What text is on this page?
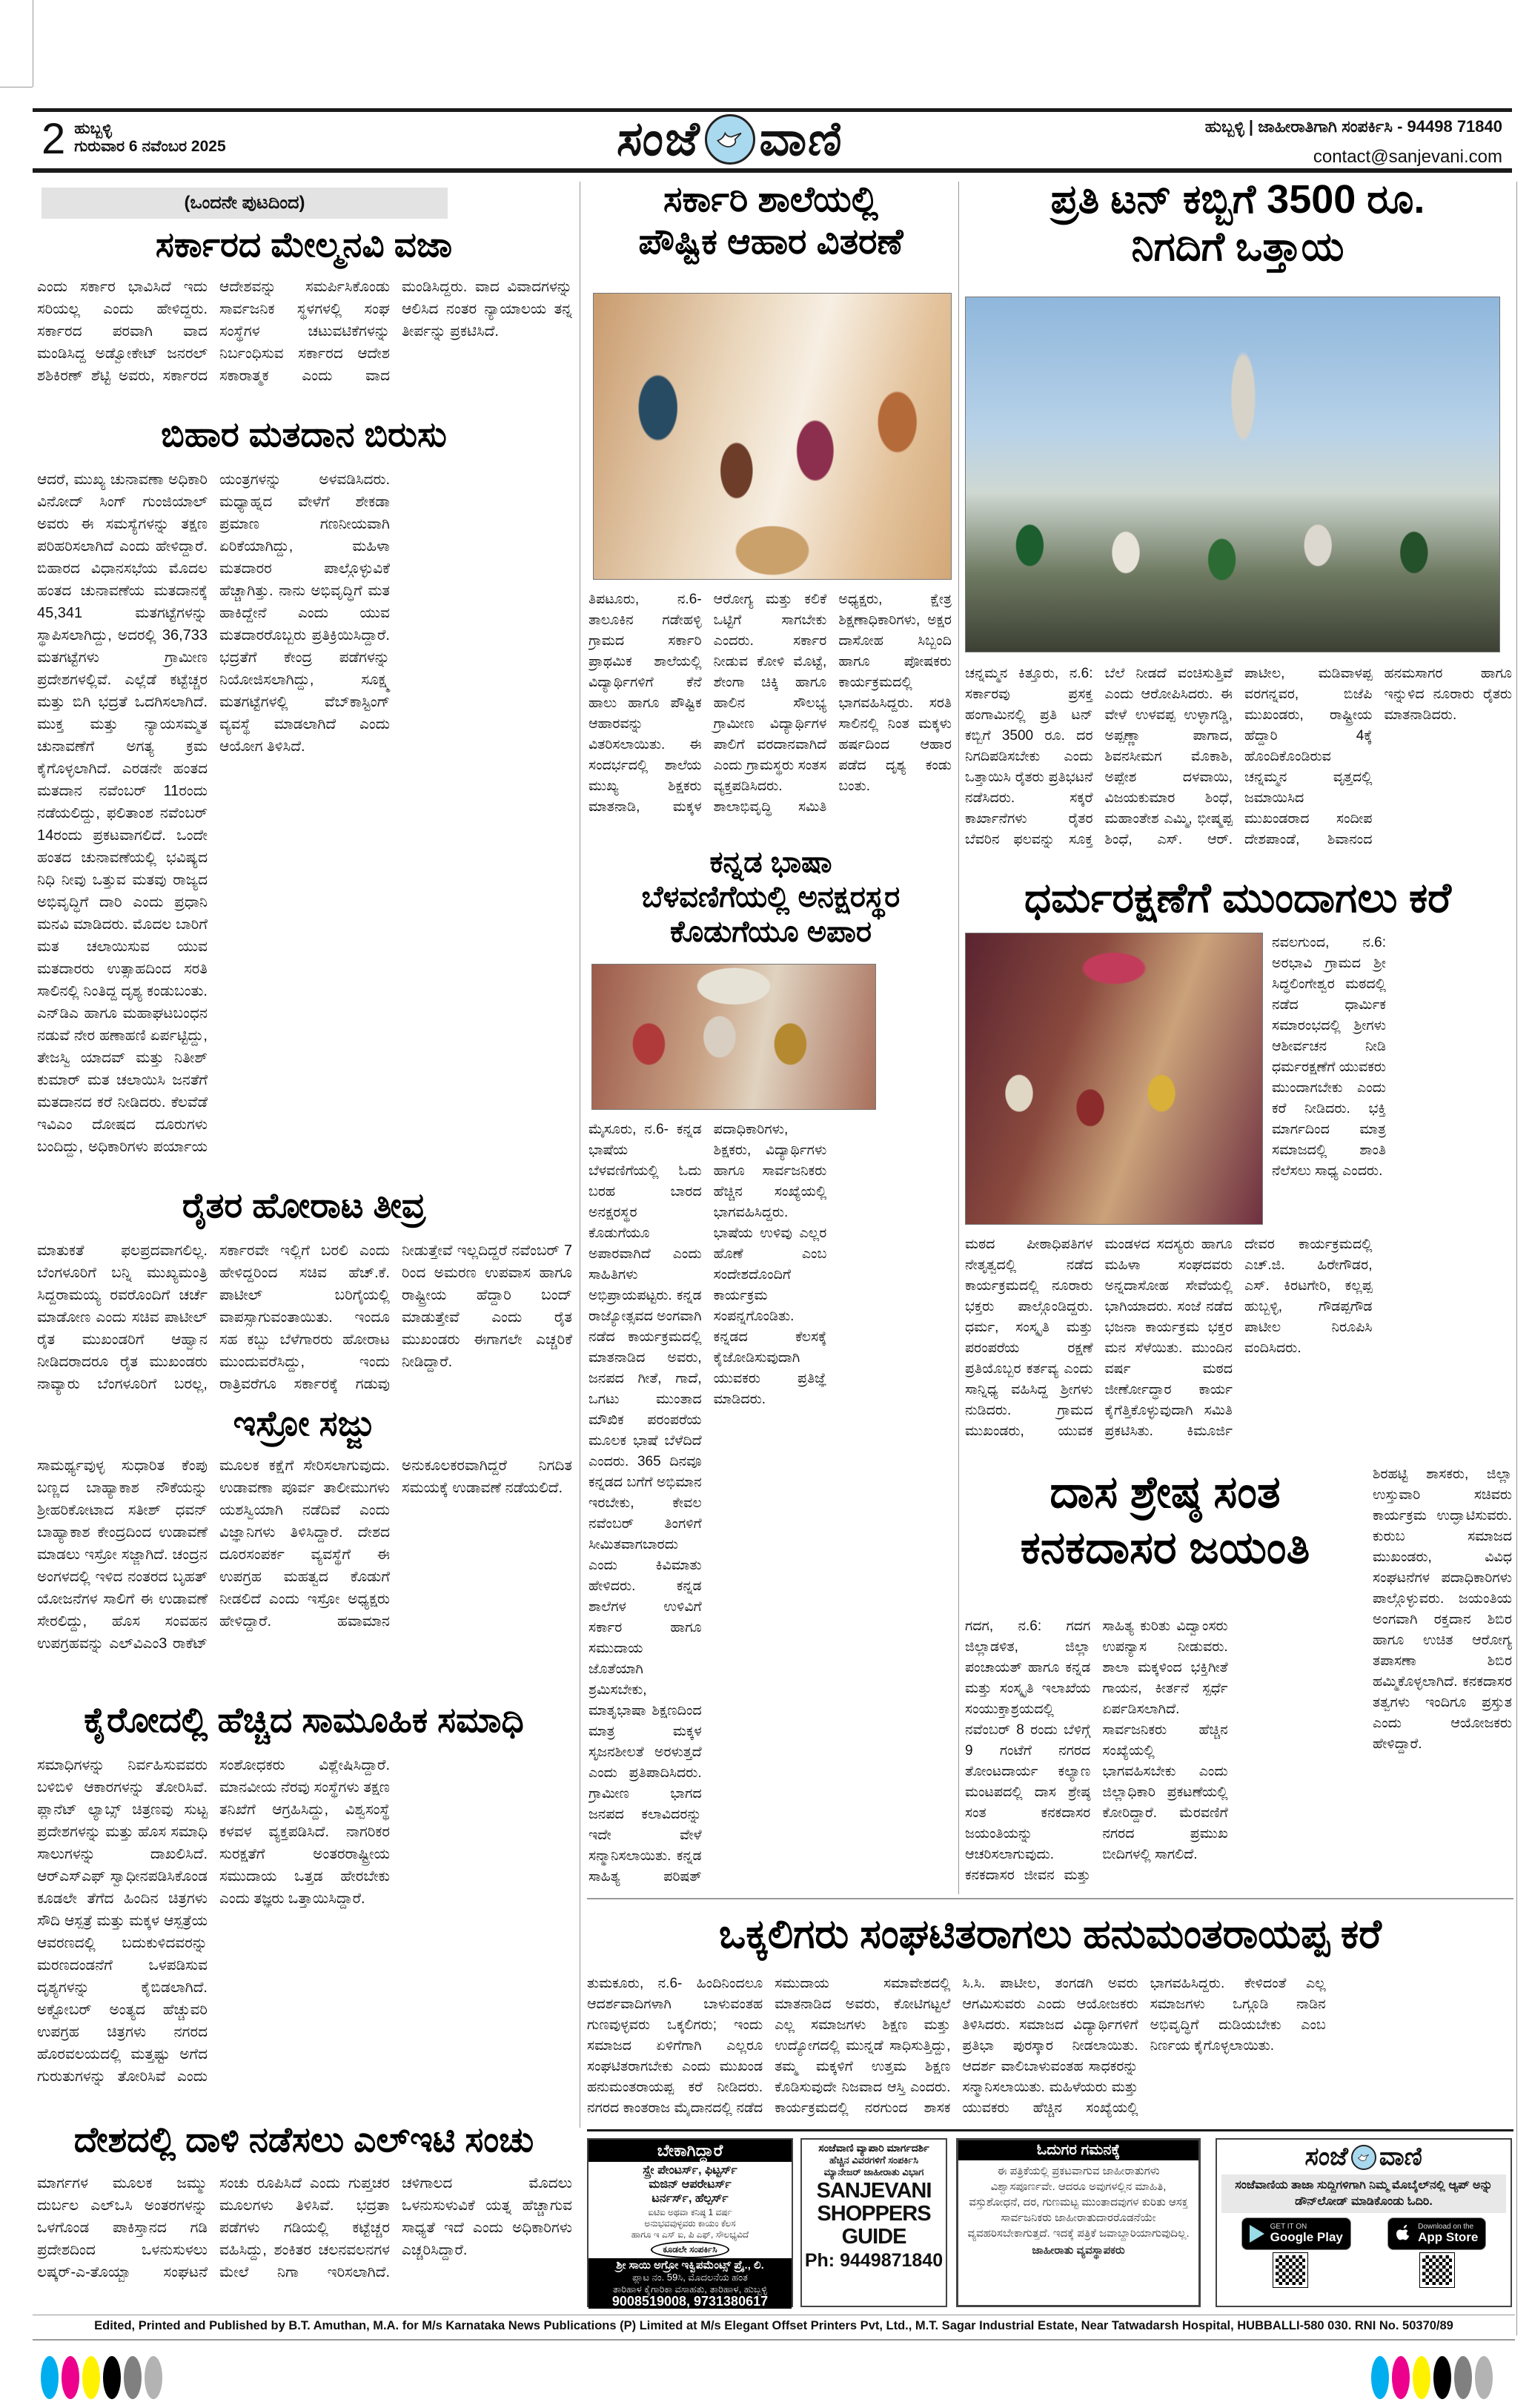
2 ಹುಬ್ಬಳ್ಳಿ
ಗುರುವಾರ 6 ನವೆಂಬರ 2025	ಸಂಜೆ ವಾಣಿ	ಹುಬ್ಬಳ್ಳಿ | ಜಾಹೀರಾತಿಗಾಗಿ ಸಂಪರ್ಕಿಸಿ - 94498 71840
contact@sanjevani.com
(ಒಂದನೇ ಪುಟದಿಂದ)
ಸರ್ಕಾರದ ಮೇಲ್ಮನವಿ ವಜಾ
ಎಂದು ಸರ್ಕಾರ ಭಾವಿಸಿದೆ ಇದು ಸರಿಯಲ್ಲ ಎಂದು ಹೇಳಿದ್ದರು. ಸರ್ಕಾರದ ಪರವಾಗಿ ವಾದ ಮಂಡಿಸಿದ್ದ ಅಡ್ವೋಕೇಟ್ ಜನರಲ್ ಶಶಿಕಿರಣ್ ಶೆಟ್ಟಿ ಅವರು, ಸರ್ಕಾರದ ಆದೇಶವನ್ನು ಸಮರ್ಪಿಸಿಕೊಂಡು ಸಾರ್ವಜನಿಕ ಸ್ಥಳಗಳಲ್ಲಿ ಸಂಘ ಸಂಸ್ಥೆಗಳ ಚಟುವಟಿಕೆಗಳನ್ನು ನಿರ್ಬಂಧಿಸುವ ಸರ್ಕಾರದ ಆದೇಶ ಸಕಾರಾತ್ಮಕ ಎಂದು ವಾದ ಮಂಡಿಸಿದ್ದರು. ವಾದ ವಿವಾದಗಳನ್ನು ಆಲಿಸಿದ ನಂತರ ನ್ಯಾಯಾಲಯ ತನ್ನ ತೀರ್ಪನ್ನು ಪ್ರಕಟಿಸಿದೆ.
ಬಿಹಾರ ಮತದಾನ ಬಿರುಸು
ಆದರೆ, ಮುಖ್ಯ ಚುನಾವಣಾ ಅಧಿಕಾರಿ ವಿನೋದ್ ಸಿಂಗ್ ಗುಂಜಿಯಾಲ್ ಅವರು ಈ ಸಮಸ್ಯೆಗಳನ್ನು ತಕ್ಷಣ ಪರಿಹರಿಸಲಾಗಿದೆ ಎಂದು ಹೇಳಿದ್ದಾರೆ. ಬಿಹಾರದ ವಿಧಾನಸಭೆಯ ಮೊದಲ ಹಂತದ ಚುನಾವಣೆಯ ಮತದಾನಕ್ಕೆ 45,341 ಮತಗಟ್ಟೆಗಳನ್ನು ಸ್ಥಾಪಿಸಲಾಗಿದ್ದು, ಅದರಲ್ಲಿ 36,733 ಮತಗಟ್ಟೆಗಳು ಗ್ರಾಮೀಣ ಪ್ರದೇಶಗಳಲ್ಲಿವೆ. ಎಲ್ಲೆಡೆ ಕಟ್ಟೆಚ್ಚರ ಮತ್ತು ಬಿಗಿ ಭದ್ರತೆ ಒದಗಿಸಲಾಗಿದೆ. ಮುಕ್ತ ಮತ್ತು ನ್ಯಾಯಸಮ್ಮತ ಚುನಾವಣೆಗೆ ಅಗತ್ಯ ಕ್ರಮ ಕೈಗೊಳ್ಳಲಾಗಿದೆ. ಎರಡನೇ ಹಂತದ ಮತದಾನ ನವೆಂಬರ್ 11ರಂದು ನಡೆಯಲಿದ್ದು, ಫಲಿತಾಂಶ ನವೆಂಬರ್ 14ರಂದು ಪ್ರಕಟವಾಗಲಿದೆ. ಒಂದೇ ಹಂತದ ಚುನಾವಣೆಯಲ್ಲಿ ಭವಿಷ್ಯದ ನಿಧಿ ನೀವು ಒತ್ತುವ ಮತವು ರಾಜ್ಯದ ಅಭಿವೃದ್ಧಿಗೆ ದಾರಿ ಎಂದು ಪ್ರಧಾನಿ ಮನವಿ ಮಾಡಿದರು. ಮೊದಲ ಬಾರಿಗೆ ಮತ ಚಲಾಯಿಸುವ ಯುವ ಮತದಾರರು ಉತ್ಸಾಹದಿಂದ ಸರತಿ ಸಾಲಿನಲ್ಲಿ ನಿಂತಿದ್ದ ದೃಶ್ಯ ಕಂಡುಬಂತು. ಎನ್‌ಡಿಎ ಹಾಗೂ ಮಹಾಘಟಬಂಧನ ನಡುವೆ ನೇರ ಹಣಾಹಣಿ ಏರ್ಪಟ್ಟಿದ್ದು, ತೇಜಸ್ವಿ ಯಾದವ್ ಮತ್ತು ನಿತೀಶ್ ಕುಮಾರ್ ಮತ ಚಲಾಯಿಸಿ ಜನತೆಗೆ ಮತದಾನದ ಕರೆ ನೀಡಿದರು. ಕೆಲವೆಡೆ ಇವಿಎಂ ದೋಷದ ದೂರುಗಳು ಬಂದಿದ್ದು, ಅಧಿಕಾರಿಗಳು ಪರ್ಯಾಯ ಯಂತ್ರಗಳನ್ನು ಅಳವಡಿಸಿದರು. ಮಧ್ಯಾಹ್ನದ ವೇಳೆಗೆ ಶೇಕಡಾ ಪ್ರಮಾಣ ಗಣನೀಯವಾಗಿ ಏರಿಕೆಯಾಗಿದ್ದು, ಮಹಿಳಾ ಮತದಾರರ ಪಾಲ್ಗೊಳ್ಳುವಿಕೆ ಹೆಚ್ಚಾಗಿತ್ತು. ನಾನು ಅಭಿವೃದ್ಧಿಗೆ ಮತ ಹಾಕಿದ್ದೇನೆ ಎಂದು ಯುವ ಮತದಾರರೊಬ್ಬರು ಪ್ರತಿಕ್ರಿಯಿಸಿದ್ದಾರೆ. ಭದ್ರತೆಗೆ ಕೇಂದ್ರ ಪಡೆಗಳನ್ನು ನಿಯೋಜಿಸಲಾಗಿದ್ದು, ಸೂಕ್ಷ್ಮ ಮತಗಟ್ಟೆಗಳಲ್ಲಿ ವೆಬ್‌ಕಾಸ್ಟಿಂಗ್ ವ್ಯವಸ್ಥೆ ಮಾಡಲಾಗಿದೆ ಎಂದು ಆಯೋಗ ತಿಳಿಸಿದೆ.
ರೈತರ ಹೋರಾಟ ತೀವ್ರ
ಮಾತುಕತೆ ಫಲಪ್ರದವಾಗಲಿಲ್ಲ. ಬೆಂಗಳೂರಿಗೆ ಬನ್ನಿ ಮುಖ್ಯಮಂತ್ರಿ ಸಿದ್ದರಾಮಯ್ಯ ರವರೊಂದಿಗೆ ಚರ್ಚೆ ಮಾಡೋಣ ಎಂದು ಸಚಿವ ಪಾಟೀಲ್ ರೈತ ಮುಖಂಡರಿಗೆ ಆಹ್ವಾನ ನೀಡಿದರಾದರೂ ರೈತ ಮುಖಂಡರು ನಾವ್ಯಾರು ಬೆಂಗಳೂರಿಗೆ ಬರಲ್ಲ, ಸರ್ಕಾರವೇ ಇಲ್ಲಿಗೆ ಬರಲಿ ಎಂದು ಹೇಳಿದ್ದರಿಂದ ಸಚಿವ ಹೆಚ್.ಕೆ. ಪಾಟೀಲ್ ಬರಿಗೈಯಲ್ಲಿ ವಾಪಸ್ಸಾಗುವಂತಾಯಿತು. ಇಂದೂ ಸಹ ಕಬ್ಬು ಬೆಳೆಗಾರರು ಹೋರಾಟ ಮುಂದುವರೆಸಿದ್ದು, ಇಂದು ರಾತ್ರಿವರೆಗೂ ಸರ್ಕಾರಕ್ಕೆ ಗಡುವು ನೀಡುತ್ತೇವೆ ಇಲ್ಲದಿದ್ದರೆ ನವೆಂಬರ್ 7 ರಿಂದ ಅಮರಣ ಉಪವಾಸ ಹಾಗೂ ರಾಷ್ಟ್ರೀಯ ಹೆದ್ದಾರಿ ಬಂದ್ ಮಾಡುತ್ತೇವೆ ಎಂದು ರೈತ ಮುಖಂಡರು ಈಗಾಗಲೇ ಎಚ್ಚರಿಕೆ ನೀಡಿದ್ದಾರೆ.
ಇಸ್ರೋ ಸಜ್ಜು
ಸಾಮರ್ಥ್ಯವುಳ್ಳ ಸುಧಾರಿತ ಕೆಂಪು ಬಣ್ಣದ ಬಾಹ್ಯಾಕಾಶ ನೌಕೆಯನ್ನು ಶ್ರೀಹರಿಕೋಟಾದ ಸತೀಶ್ ಧವನ್ ಬಾಹ್ಯಾಕಾಶ ಕೇಂದ್ರದಿಂದ ಉಡಾವಣೆ ಮಾಡಲು ಇಸ್ರೋ ಸಜ್ಜಾಗಿದೆ. ಚಂದ್ರನ ಅಂಗಳದಲ್ಲಿ ಇಳಿದ ನಂತರದ ಬೃಹತ್ ಯೋಜನೆಗಳ ಸಾಲಿಗೆ ಈ ಉಡಾವಣೆ ಸೇರಲಿದ್ದು, ಹೊಸ ಸಂವಹನ ಉಪಗ್ರಹವನ್ನು ಎಲ್‌ವಿಎಂ3 ರಾಕೆಟ್ ಮೂಲಕ ಕಕ್ಷೆಗೆ ಸೇರಿಸಲಾಗುವುದು. ಉಡಾವಣಾ ಪೂರ್ವ ತಾಲೀಮುಗಳು ಯಶಸ್ವಿಯಾಗಿ ನಡೆದಿವೆ ಎಂದು ವಿಜ್ಞಾನಿಗಳು ತಿಳಿಸಿದ್ದಾರೆ. ದೇಶದ ದೂರಸಂಪರ್ಕ ವ್ಯವಸ್ಥೆಗೆ ಈ ಉಪಗ್ರಹ ಮಹತ್ವದ ಕೊಡುಗೆ ನೀಡಲಿದೆ ಎಂದು ಇಸ್ರೋ ಅಧ್ಯಕ್ಷರು ಹೇಳಿದ್ದಾರೆ. ಹವಾಮಾನ ಅನುಕೂಲಕರವಾಗಿದ್ದರೆ ನಿಗದಿತ ಸಮಯಕ್ಕೆ ಉಡಾವಣೆ ನಡೆಯಲಿದೆ.
ಕೈರೋದಲ್ಲಿ ಹೆಚ್ಚಿದ ಸಾಮೂಹಿಕ ಸಮಾಧಿ
ಸಮಾಧಿಗಳನ್ನು ನಿರ್ವಹಿಸುವವರು ಬಳಿಬಿಳಿ ಆಕಾರಗಳನ್ನು ತೋರಿಸಿವೆ. ಪ್ಲಾನೆಟ್ ಲ್ಯಾಬ್ಸ್ ಚಿತ್ರಣವು ಸುಟ್ಟ ಪ್ರದೇಶಗಳನ್ನು ಮತ್ತು ಹೊಸ ಸಮಾಧಿ ಸಾಲುಗಳನ್ನು ದಾಖಲಿಸಿದೆ. ಆರ್‌ಎಸ್‌ಎಫ್ ಸ್ವಾಧೀನಪಡಿಸಿಕೊಂಡ ಕೂಡಲೇ ತೆಗೆದ ಹಿಂದಿನ ಚಿತ್ರಗಳು ಸೌದಿ ಆಸ್ಪತ್ರೆ ಮತ್ತು ಮಕ್ಕಳ ಆಸ್ಪತ್ರೆಯ ಆವರಣದಲ್ಲಿ ಬದುಕುಳಿದವರನ್ನು ಮರಣದಂಡನೆಗೆ ಒಳಪಡಿಸುವ ದೃಶ್ಯಗಳನ್ನು ಕೈಬಿಡಲಾಗಿದೆ. ಅಕ್ಟೋಬರ್ ಅಂತ್ಯದ ಹೆಚ್ಚುವರಿ ಉಪಗ್ರಹ ಚಿತ್ರಗಳು ನಗರದ ಹೊರವಲಯದಲ್ಲಿ ಮತ್ತಷ್ಟು ಅಗೆದ ಗುರುತುಗಳನ್ನು ತೋರಿಸಿವೆ ಎಂದು ಸಂಶೋಧಕರು ವಿಶ್ಲೇಷಿಸಿದ್ದಾರೆ. ಮಾನವೀಯ ನೆರವು ಸಂಸ್ಥೆಗಳು ತಕ್ಷಣ ತನಿಖೆಗೆ ಆಗ್ರಹಿಸಿದ್ದು, ವಿಶ್ವಸಂಸ್ಥೆ ಕಳವಳ ವ್ಯಕ್ತಪಡಿಸಿದೆ. ನಾಗರಿಕರ ಸುರಕ್ಷತೆಗೆ ಅಂತರರಾಷ್ಟ್ರೀಯ ಸಮುದಾಯ ಒತ್ತಡ ಹೇರಬೇಕು ಎಂದು ತಜ್ಞರು ಒತ್ತಾಯಿಸಿದ್ದಾರೆ.
ದೇಶದಲ್ಲಿ ದಾಳಿ ನಡೆಸಲು ಎಲ್‌ಇಟಿ ಸಂಚು
ಮಾರ್ಗಗಳ ಮೂಲಕ ಜಮ್ಮು ದುರ್ಬಲ ಎಲ್‌ಒಸಿ ಅಂತರಗಳನ್ನು ಒಳಗೊಂಡ ಪಾಕಿಸ್ತಾನದ ಗಡಿ ಪ್ರದೇಶದಿಂದ ಒಳನುಸುಳಲು ಲಷ್ಕರ್-ಎ-ತೊಯ್ಬಾ ಸಂಘಟನೆ ಸಂಚು ರೂಪಿಸಿದೆ ಎಂದು ಗುಪ್ತಚರ ಮೂಲಗಳು ತಿಳಿಸಿವೆ. ಭದ್ರತಾ ಪಡೆಗಳು ಗಡಿಯಲ್ಲಿ ಕಟ್ಟೆಚ್ಚರ ವಹಿಸಿದ್ದು, ಶಂಕಿತರ ಚಲನವಲನಗಳ ಮೇಲೆ ನಿಗಾ ಇರಿಸಲಾಗಿದೆ. ಚಳಿಗಾಲದ ಮೊದಲು ಒಳನುಸುಳುವಿಕೆ ಯತ್ನ ಹೆಚ್ಚಾಗುವ ಸಾಧ್ಯತೆ ಇದೆ ಎಂದು ಅಧಿಕಾರಿಗಳು ಎಚ್ಚರಿಸಿದ್ದಾರೆ.
ಸರ್ಕಾರಿ ಶಾಲೆಯಲ್ಲಿ
ಪೌಷ್ಟಿಕ ಆಹಾರ ವಿತರಣೆ
ತಿಪಟೂರು, ನ.6- ತಾಲೂಕಿನ ಗಡೇಹಳ್ಳಿ ಗ್ರಾಮದ ಸರ್ಕಾರಿ ಪ್ರಾಥಮಿಕ ಶಾಲೆಯಲ್ಲಿ ವಿದ್ಯಾರ್ಥಿಗಳಿಗೆ ಕೆನೆ ಹಾಲು ಹಾಗೂ ಪೌಷ್ಟಿಕ ಆಹಾರವನ್ನು ವಿತರಿಸಲಾಯಿತು. ಈ ಸಂದರ್ಭದಲ್ಲಿ ಶಾಲೆಯ ಮುಖ್ಯ ಶಿಕ್ಷಕರು ಮಾತನಾಡಿ, ಮಕ್ಕಳ ಆರೋಗ್ಯ ಮತ್ತು ಕಲಿಕೆ ಒಟ್ಟಿಗೆ ಸಾಗಬೇಕು ಎಂದರು. ಸರ್ಕಾರ ನೀಡುವ ಕೋಳಿ ಮೊಟ್ಟೆ, ಶೇಂಗಾ ಚಿಕ್ಕಿ ಹಾಗೂ ಹಾಲಿನ ಸೌಲಭ್ಯ ಗ್ರಾಮೀಣ ವಿದ್ಯಾರ್ಥಿಗಳ ಪಾಲಿಗೆ ವರದಾನವಾಗಿದೆ ಎಂದು ಗ್ರಾಮಸ್ಥರು ಸಂತಸ ವ್ಯಕ್ತಪಡಿಸಿದರು. ಶಾಲಾಭಿವೃದ್ಧಿ ಸಮಿತಿ ಅಧ್ಯಕ್ಷರು, ಕ್ಷೇತ್ರ ಶಿಕ್ಷಣಾಧಿಕಾರಿಗಳು, ಅಕ್ಷರ ದಾಸೋಹ ಸಿಬ್ಬಂದಿ ಹಾಗೂ ಪೋಷಕರು ಕಾರ್ಯಕ್ರಮದಲ್ಲಿ ಭಾಗವಹಿಸಿದ್ದರು. ಸರತಿ ಸಾಲಿನಲ್ಲಿ ನಿಂತ ಮಕ್ಕಳು ಹರ್ಷದಿಂದ ಆಹಾರ ಪಡೆದ ದೃಶ್ಯ ಕಂಡು ಬಂತು.
ಕನ್ನಡ ಭಾಷಾ
ಬೆಳವಣಿಗೆಯಲ್ಲಿ ಅನಕ್ಷರಸ್ಥರ
ಕೊಡುಗೆಯೂ ಅಪಾರ
ಮೈಸೂರು, ನ.6- ಕನ್ನಡ ಭಾಷೆಯ ಬೆಳವಣಿಗೆಯಲ್ಲಿ ಓದು ಬರಹ ಬಾರದ ಅನಕ್ಷರಸ್ಥರ ಕೊಡುಗೆಯೂ ಅಪಾರವಾಗಿದೆ ಎಂದು ಸಾಹಿತಿಗಳು ಅಭಿಪ್ರಾಯಪಟ್ಟರು. ಕನ್ನಡ ರಾಜ್ಯೋತ್ಸವದ ಅಂಗವಾಗಿ ನಡೆದ ಕಾರ್ಯಕ್ರಮದಲ್ಲಿ ಮಾತನಾಡಿದ ಅವರು, ಜನಪದ ಗೀತೆ, ಗಾದೆ, ಒಗಟು ಮುಂತಾದ ಮೌಖಿಕ ಪರಂಪರೆಯ ಮೂಲಕ ಭಾಷೆ ಬೆಳೆದಿದೆ ಎಂದರು. 365 ದಿನವೂ ಕನ್ನಡದ ಬಗೆಗೆ ಅಭಿಮಾನ ಇರಬೇಕು, ಕೇವಲ ನವೆಂಬರ್ ತಿಂಗಳಿಗೆ ಸೀಮಿತವಾಗಬಾರದು ಎಂದು ಕಿವಿಮಾತು ಹೇಳಿದರು. ಕನ್ನಡ ಶಾಲೆಗಳ ಉಳಿವಿಗೆ ಸರ್ಕಾರ ಹಾಗೂ ಸಮುದಾಯ ಜೊತೆಯಾಗಿ ಶ್ರಮಿಸಬೇಕು, ಮಾತೃಭಾಷಾ ಶಿಕ್ಷಣದಿಂದ ಮಾತ್ರ ಮಕ್ಕಳ ಸೃಜನಶೀಲತೆ ಅರಳುತ್ತದೆ ಎಂದು ಪ್ರತಿಪಾದಿಸಿದರು. ಗ್ರಾಮೀಣ ಭಾಗದ ಜನಪದ ಕಲಾವಿದರನ್ನು ಇದೇ ವೇಳೆ ಸನ್ಮಾನಿಸಲಾಯಿತು. ಕನ್ನಡ ಸಾಹಿತ್ಯ ಪರಿಷತ್ ಪದಾಧಿಕಾರಿಗಳು, ಶಿಕ್ಷಕರು, ವಿದ್ಯಾರ್ಥಿಗಳು ಹಾಗೂ ಸಾರ್ವಜನಿಕರು ಹೆಚ್ಚಿನ ಸಂಖ್ಯೆಯಲ್ಲಿ ಭಾಗವಹಿಸಿದ್ದರು. ಭಾಷೆಯ ಉಳಿವು ಎಲ್ಲರ ಹೊಣೆ ಎಂಬ ಸಂದೇಶದೊಂದಿಗೆ ಕಾರ್ಯಕ್ರಮ ಸಂಪನ್ನಗೊಂಡಿತು. ಕನ್ನಡದ ಕೆಲಸಕ್ಕೆ ಕೈಜೋಡಿಸುವುದಾಗಿ ಯುವಕರು ಪ್ರತಿಜ್ಞೆ ಮಾಡಿದರು.
ಪ್ರತಿ ಟನ್ ಕಬ್ಬಿಗೆ 3500 ರೂ.
ನಿಗದಿಗೆ ಒತ್ತಾಯ
ಚನ್ನಮ್ಮನ ಕಿತ್ತೂರು, ನ.6: ಸರ್ಕಾರವು ಪ್ರಸಕ್ತ ಹಂಗಾಮಿನಲ್ಲಿ ಪ್ರತಿ ಟನ್ ಕಬ್ಬಿಗೆ 3500 ರೂ. ದರ ನಿಗದಿಪಡಿಸಬೇಕು ಎಂದು ಒತ್ತಾಯಿಸಿ ರೈತರು ಪ್ರತಿಭಟನೆ ನಡೆಸಿದರು. ಸಕ್ಕರೆ ಕಾರ್ಖಾನೆಗಳು ರೈತರ ಬೆವರಿನ ಫಲವನ್ನು ಸೂಕ್ತ ಬೆಲೆ ನೀಡದೆ ವಂಚಿಸುತ್ತಿವೆ ಎಂದು ಆರೋಪಿಸಿದರು. ಈ ವೇಳೆ ಉಳವಪ್ಪ ಉಳ್ಳಾಗಡ್ಡಿ, ಅಪ್ಪಣ್ಣಾ ಪಾಗಾದ, ಶಿವನಸೀಮಗ ಮೊಕಾಶಿ, ಅಪ್ಪೇಶ ದಳವಾಯಿ, ವಿಜಯಕುಮಾರ ಶಿಂಧೆ, ಮಹಾಂತೇಶ ಎಮ್ಮಿ, ಭೀಷ್ಮಪ್ಪ ಶಿಂಧೆ, ಎಸ್. ಆರ್. ಪಾಟೀಲ, ಮಡಿವಾಳಪ್ಪ ವರಗನ್ನವರ, ಬಿಜೆಪಿ ಮುಖಂಡರು, ರಾಷ್ಟ್ರೀಯ ಹೆದ್ದಾರಿ 4ಕ್ಕೆ ಹೊಂದಿಕೊಂಡಿರುವ ಚನ್ನಮ್ಮನ ವೃತ್ತದಲ್ಲಿ ಜಮಾಯಿಸಿದ ಮುಖಂಡರಾದ ಸಂದೀಪ ದೇಶಪಾಂಡೆ, ಶಿವಾನಂದ ಹನಮಸಾಗರ ಹಾಗೂ ಇನ್ನುಳಿದ ನೂರಾರು ರೈತರು ಮಾತನಾಡಿದರು.
ಧರ್ಮರಕ್ಷಣೆಗೆ ಮುಂದಾಗಲು ಕರೆ
ನವಲಗುಂದ, ನ.6: ಅರಭಾವಿ ಗ್ರಾಮದ ಶ್ರೀ ಸಿದ್ಧಲಿಂಗೇಶ್ವರ ಮಠದಲ್ಲಿ ನಡೆದ ಧಾರ್ಮಿಕ ಸಮಾರಂಭದಲ್ಲಿ ಶ್ರೀಗಳು ಆಶೀರ್ವಚನ ನೀಡಿ ಧರ್ಮರಕ್ಷಣೆಗೆ ಯುವಕರು ಮುಂದಾಗಬೇಕು ಎಂದು ಕರೆ ನೀಡಿದರು. ಭಕ್ತಿ ಮಾರ್ಗದಿಂದ ಮಾತ್ರ ಸಮಾಜದಲ್ಲಿ ಶಾಂತಿ ನೆಲೆಸಲು ಸಾಧ್ಯ ಎಂದರು.
ಮಠದ ಪೀಠಾಧಿಪತಿಗಳ ನೇತೃತ್ವದಲ್ಲಿ ನಡೆದ ಕಾರ್ಯಕ್ರಮದಲ್ಲಿ ನೂರಾರು ಭಕ್ತರು ಪಾಲ್ಗೊಂಡಿದ್ದರು. ಧರ್ಮ, ಸಂಸ್ಕೃತಿ ಮತ್ತು ಪರಂಪರೆಯ ರಕ್ಷಣೆ ಪ್ರತಿಯೊಬ್ಬರ ಕರ್ತವ್ಯ ಎಂದು ಸಾನ್ನಿಧ್ಯ ವಹಿಸಿದ್ದ ಶ್ರೀಗಳು ನುಡಿದರು. ಗ್ರಾಮದ ಮುಖಂಡರು, ಯುವಕ ಮಂಡಳದ ಸದಸ್ಯರು ಹಾಗೂ ಮಹಿಳಾ ಸಂಘದವರು ಅನ್ನದಾಸೋಹ ಸೇವೆಯಲ್ಲಿ ಭಾಗಿಯಾದರು. ಸಂಜೆ ನಡೆದ ಭಜನಾ ಕಾರ್ಯಕ್ರಮ ಭಕ್ತರ ಮನ ಸೆಳೆಯಿತು. ಮುಂದಿನ ವರ್ಷ ಮಠದ ಜೀರ್ಣೋದ್ಧಾರ ಕಾರ್ಯ ಕೈಗೆತ್ತಿಕೊಳ್ಳುವುದಾಗಿ ಸಮಿತಿ ಪ್ರಕಟಿಸಿತು. ಕಿಮೂರ್ಜಿ ದೇವರ ಕಾರ್ಯಕ್ರಮದಲ್ಲಿ ಎಚ್.ಜಿ. ಹಿರೇಗೌಡರ, ಎಸ್. ಕಿರಟಗೇರಿ, ಕಲ್ಲಪ್ಪ ಹುಬ್ಬಳ್ಳಿ, ಗೌಡಪ್ಪಗೌಡ ಪಾಟೀಲ ನಿರೂಪಿಸಿ ವಂದಿಸಿದರು.
ದಾಸ ಶ್ರೇಷ್ಠ ಸಂತ
ಕನಕದಾಸರ ಜಯಂತಿ
ಶಿರಹಟ್ಟಿ ಶಾಸಕರು, ಜಿಲ್ಲಾ ಉಸ್ತುವಾರಿ ಸಚಿವರು ಕಾರ್ಯಕ್ರಮ ಉದ್ಘಾಟಿಸುವರು. ಕುರುಬ ಸಮಾಜದ ಮುಖಂಡರು, ವಿವಿಧ ಸಂಘಟನೆಗಳ ಪದಾಧಿಕಾರಿಗಳು ಪಾಲ್ಗೊಳ್ಳುವರು. ಜಯಂತಿಯ ಅಂಗವಾಗಿ ರಕ್ತದಾನ ಶಿಬಿರ ಹಾಗೂ ಉಚಿತ ಆರೋಗ್ಯ ತಪಾಸಣಾ ಶಿಬಿರ ಹಮ್ಮಿಕೊಳ್ಳಲಾಗಿದೆ. ಕನಕದಾಸರ ತತ್ವಗಳು ಇಂದಿಗೂ ಪ್ರಸ್ತುತ ಎಂದು ಆಯೋಜಕರು ಹೇಳಿದ್ದಾರೆ.
ಗದಗ, ನ.6: ಗದಗ ಜಿಲ್ಲಾಡಳಿತ, ಜಿಲ್ಲಾ ಪಂಚಾಯತ್ ಹಾಗೂ ಕನ್ನಡ ಮತ್ತು ಸಂಸ್ಕೃತಿ ಇಲಾಖೆಯ ಸಂಯುಕ್ತಾಶ್ರಯದಲ್ಲಿ ನವೆಂಬರ್ 8 ರಂದು ಬೆಳಿಗ್ಗೆ 9 ಗಂಟೆಗೆ ನಗರದ ತೋಂಟದಾರ್ಯ ಕಲ್ಯಾಣ ಮಂಟಪದಲ್ಲಿ ದಾಸ ಶ್ರೇಷ್ಠ ಸಂತ ಕನಕದಾಸರ ಜಯಂತಿಯನ್ನು ಆಚರಿಸಲಾಗುವುದು. ಕನಕದಾಸರ ಜೀವನ ಮತ್ತು ಸಾಹಿತ್ಯ ಕುರಿತು ವಿದ್ವಾಂಸರು ಉಪನ್ಯಾಸ ನೀಡುವರು. ಶಾಲಾ ಮಕ್ಕಳಿಂದ ಭಕ್ತಿಗೀತೆ ಗಾಯನ, ಕೀರ್ತನೆ ಸ್ಪರ್ಧೆ ಏರ್ಪಡಿಸಲಾಗಿದೆ. ಸಾರ್ವಜನಿಕರು ಹೆಚ್ಚಿನ ಸಂಖ್ಯೆಯಲ್ಲಿ ಭಾಗವಹಿಸಬೇಕು ಎಂದು ಜಿಲ್ಲಾಧಿಕಾರಿ ಪ್ರಕಟಣೆಯಲ್ಲಿ ಕೋರಿದ್ದಾರೆ. ಮೆರವಣಿಗೆ ನಗರದ ಪ್ರಮುಖ ಬೀದಿಗಳಲ್ಲಿ ಸಾಗಲಿದೆ.
ಒಕ್ಕಲಿಗರು ಸಂಘಟಿತರಾಗಲು ಹನುಮಂತರಾಯಪ್ಪ ಕರೆ
ತುಮಕೂರು, ನ.6- ಹಿಂದಿನಿಂದಲೂ ಆದರ್ಶವಾದಿಗಳಾಗಿ ಬಾಳುವಂತಹ ಗುಣವುಳ್ಳವರು ಒಕ್ಕಲಿಗರು; ಇಂದು ಸಮಾಜದ ಏಳಿಗೆಗಾಗಿ ಎಲ್ಲರೂ ಸಂಘಟಿತರಾಗಬೇಕು ಎಂದು ಮುಖಂಡ ಹನುಮಂತರಾಯಪ್ಪ ಕರೆ ನೀಡಿದರು. ನಗರದ ಕಾಂತರಾಜ ಮೈದಾನದಲ್ಲಿ ನಡೆದ ಸಮುದಾಯ ಸಮಾವೇಶದಲ್ಲಿ ಮಾತನಾಡಿದ ಅವರು, ಕೋಟಿಗಟ್ಟಲೆ ಎಲ್ಲ ಸಮಾಜಗಳು ಶಿಕ್ಷಣ ಮತ್ತು ಉದ್ಯೋಗದಲ್ಲಿ ಮುನ್ನಡೆ ಸಾಧಿಸುತ್ತಿದ್ದು, ತಮ್ಮ ಮಕ್ಕಳಿಗೆ ಉತ್ತಮ ಶಿಕ್ಷಣ ಕೊಡಿಸುವುದೇ ನಿಜವಾದ ಆಸ್ತಿ ಎಂದರು. ಕಾರ್ಯಕ್ರಮದಲ್ಲಿ ನರಗುಂದ ಶಾಸಕ ಸಿ.ಸಿ. ಪಾಟೀಲ, ತಂಗಡಗಿ ಅವರು ಆಗಮಿಸುವರು ಎಂದು ಆಯೋಜಕರು ತಿಳಿಸಿದರು. ಸಮಾಜದ ವಿದ್ಯಾರ್ಥಿಗಳಿಗೆ ಪ್ರತಿಭಾ ಪುರಸ್ಕಾರ ನೀಡಲಾಯಿತು. ಆದರ್ಶ ವಾಲಿಬಾಳುವಂತಹ ಸಾಧಕರನ್ನು ಸನ್ಮಾನಿಸಲಾಯಿತು. ಮಹಿಳೆಯರು ಮತ್ತು ಯುವಕರು ಹೆಚ್ಚಿನ ಸಂಖ್ಯೆಯಲ್ಲಿ ಭಾಗವಹಿಸಿದ್ದರು. ಕೇಳಿದಂತೆ ಎಲ್ಲ ಸಮಾಜಗಳು ಒಗ್ಗೂಡಿ ನಾಡಿನ ಅಭಿವೃದ್ಧಿಗೆ ದುಡಿಯಬೇಕು ಎಂಬ ನಿರ್ಣಯ ಕೈಗೊಳ್ಳಲಾಯಿತು.
ಬೇಕಾಗಿದ್ದಾರೆ
ಸ್ಪ್ರೇ ಪೇಂಟರ್ಸ್, ಫಿಟ್ಟರ್ಸ್
ಮಜಿನ್ ಆಪರೇಟರ್ಸ್
ಟರ್ನರ್ಸ್, ಹೆಲ್ಪರ್ಸ್
ಐಟಿಐ ಅಥವಾ ಕನಿಷ್ಠ 1 ವರ್ಷ
ಅನುಭವವುಳ್ಳವರು ಕಾಯಂ ಕೆಲಸ
ಹಾಗೂ ಇ ಎಸ್ ಐ, ಪಿ ಎಫ್, ಸೌಲಭ್ಯವಿದೆ
ಕೂಡಲೇ ಸಂಪರ್ಕಿಸಿ
ಶ್ರೀ ಸಾಯಿ ಅಗ್ರೋ ಇಕ್ವಿಪಮೆಂಟ್ಸ್ ಪ್ರೈ., ಲಿ.
ಪ್ಲಾಟ ನಂ. 59ಸಿ, ಮೊದಲನೆಯ ಹಂತ
ತಾರಿಹಾಳ ಕೈಗಾರಿಕಾ ವಸಾಹತು, ತಾರಿಹಾಳ, ಹುಬ್ಬಳ್ಳಿ
9008519008, 9731380617
ಸಂಜೆವಾಣಿ ವ್ಯಾಪಾರಿ ಮಾರ್ಗದರ್ಶಿ
ಹೆಚ್ಚಿನ ವಿವರಗಳಿಗೆ ಸಂಪರ್ಕಿಸಿ
ಮ್ಯಾನೇಜರ್ ಜಾಹೀರಾತು ವಿಭಾಗ
SANJEVANI
SHOPPERS
GUIDE
Ph: 9449871840
ಓದುಗರ ಗಮನಕ್ಕೆ
ಈ ಪತ್ರಿಕೆಯಲ್ಲಿ ಪ್ರಕಟವಾಗುವ ಜಾಹೀರಾತುಗಳು ವಿಶ್ವಾಸಪೂರ್ಣವೇ. ಆದರೂ ಅವುಗಳಲ್ಲಿನ ಮಾಹಿತಿ, ವಸ್ತುಶೋಧನೆ, ದರ, ಗುಣಮಟ್ಟ ಮುಂತಾದವುಗಳ ಕುರಿತು ಆಸಕ್ತ ಸಾರ್ವಜನಿಕರು ಜಾಹೀರಾತುದಾರರೊಡನೆಯೇ ವ್ಯವಹರಿಸಬೇಕಾಗುತ್ತದೆ. ಇದಕ್ಕೆ ಪತ್ರಿಕೆ ಜವಾಬ್ದಾರಿಯಾಗುವುದಿಲ್ಲ.
ಜಾಹೀರಾತು ವ್ಯವಸ್ಥಾಪಕರು
ಸಂಜೆ ವಾಣಿ
ಸಂಜೆವಾಣಿಯ ತಾಜಾ ಸುದ್ದಿಗಳಿಗಾಗಿ ನಿಮ್ಮ ಮೊಬೈಲ್‌ನಲ್ಲಿ ಆ್ಯಪ್ ಅನ್ನು ಡೌನ್‌ಲೋಡ್ ಮಾಡಿಕೊಂಡು ಓದಿರಿ.
GET IT ON
Google Play
Download on the
App Store
Edited, Printed and Published by B.T. Amuthan, M.A. for M/s Karnataka News Publications (P) Limited at M/s Elegant Offset Printers Pvt, Ltd., M.T. Sagar Industrial Estate, Near Tatwadarsh Hospital, HUBBALLI-580 030. RNI No. 50370/89
